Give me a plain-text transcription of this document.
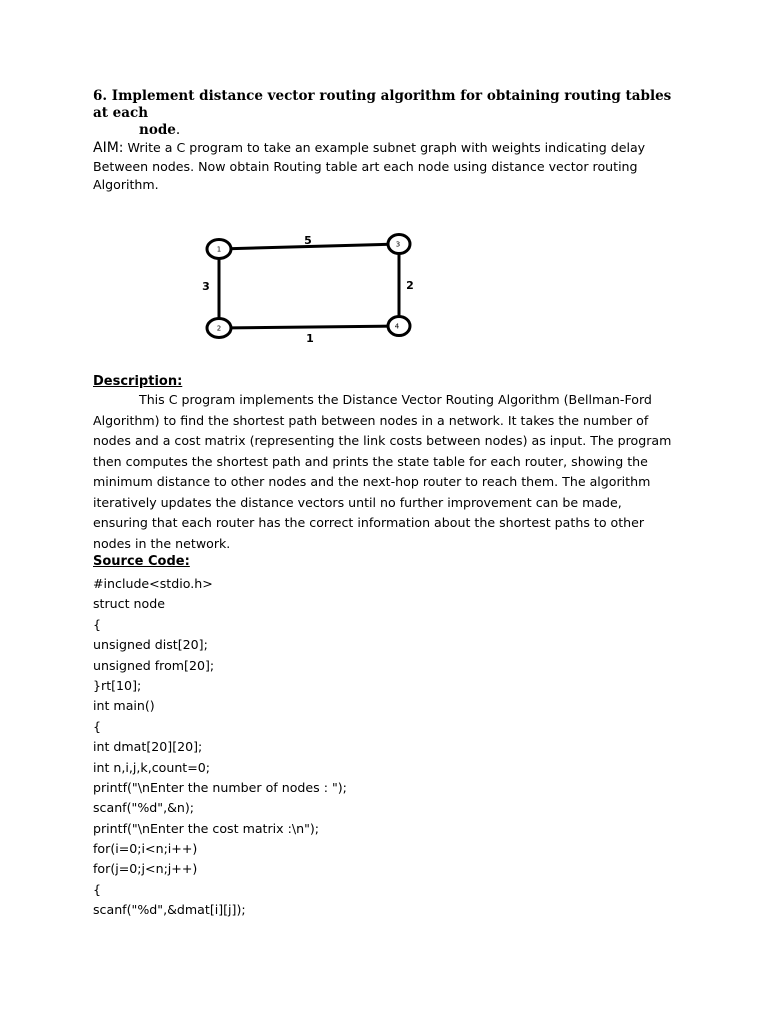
6. Implement distance vector routing algorithm for obtaining routing tables at each
node.
AIM: Write a C program to take an example subnet graph with weights indicating delay
Between nodes. Now obtain Routing table art each node using distance vector routing
Algorithm.
1
2
3
4
5
3	2
1
Description:
This C program implements the Distance Vector Routing Algorithm (Bellman-Ford
Algorithm) to find the shortest path between nodes in a network. It takes the number of
nodes and a cost matrix (representing the link costs between nodes) as input. The program
then computes the shortest path and prints the state table for each router, showing the
minimum distance to other nodes and the next-hop router to reach them. The algorithm
iteratively updates the distance vectors until no further improvement can be made,
ensuring that each router has the correct information about the shortest paths to other
nodes in the network.
Source Code:
#include<stdio.h>
struct node
{
unsigned dist[20];
unsigned from[20];
}rt[10];
int main()
{
int dmat[20][20];
int n,i,j,k,count=0;
printf("\nEnter the number of nodes : ");
scanf("%d",&n);
printf("\nEnter the cost matrix :\n");
for(i=0;i<n;i++)
for(j=0;j<n;j++)
{
scanf("%d",&dmat[i][j]);
